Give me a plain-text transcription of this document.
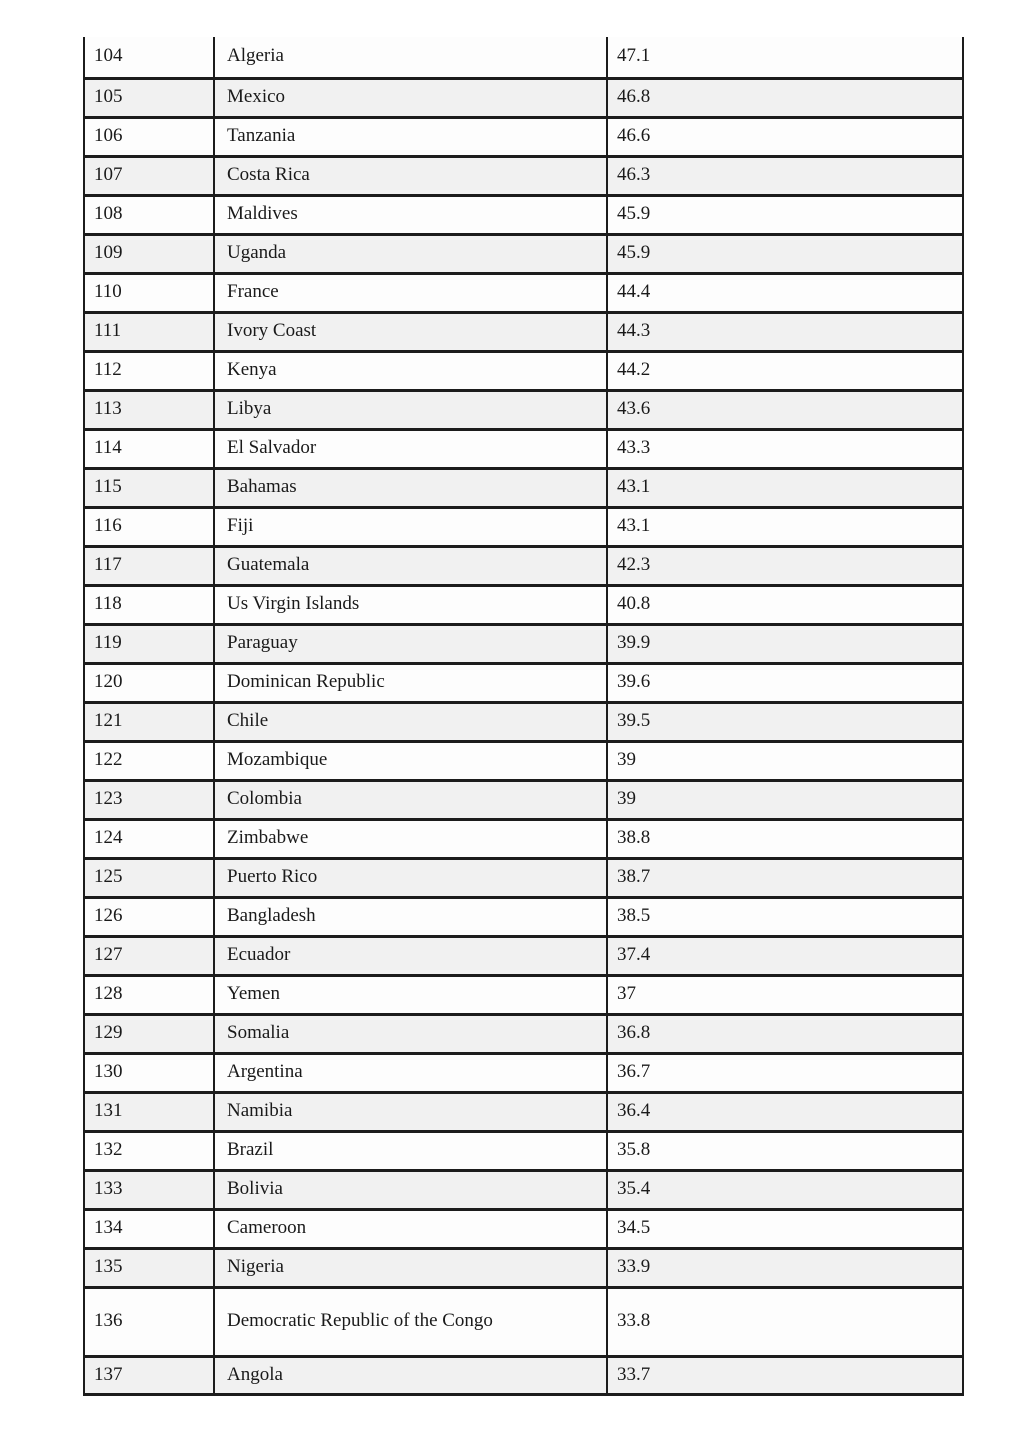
104	Algeria	47.1
105	Mexico	46.8
106	Tanzania	46.6
107	Costa Rica	46.3
108	Maldives	45.9
109	Uganda	45.9
110	France	44.4
111	Ivory Coast	44.3
112	Kenya	44.2
113	Libya	43.6
114	El Salvador	43.3
115	Bahamas	43.1
116	Fiji	43.1
117	Guatemala	42.3
118	Us Virgin Islands	40.8
119	Paraguay	39.9
120	Dominican Republic	39.6
121	Chile	39.5
122	Mozambique	39
123	Colombia	39
124	Zimbabwe	38.8
125	Puerto Rico	38.7
126	Bangladesh	38.5
127	Ecuador	37.4
128	Yemen	37
129	Somalia	36.8
130	Argentina	36.7
131	Namibia	36.4
132	Brazil	35.8
133	Bolivia	35.4
134	Cameroon	34.5
135	Nigeria	33.9
136	Democratic Republic of the Congo	33.8
137	Angola	33.7
